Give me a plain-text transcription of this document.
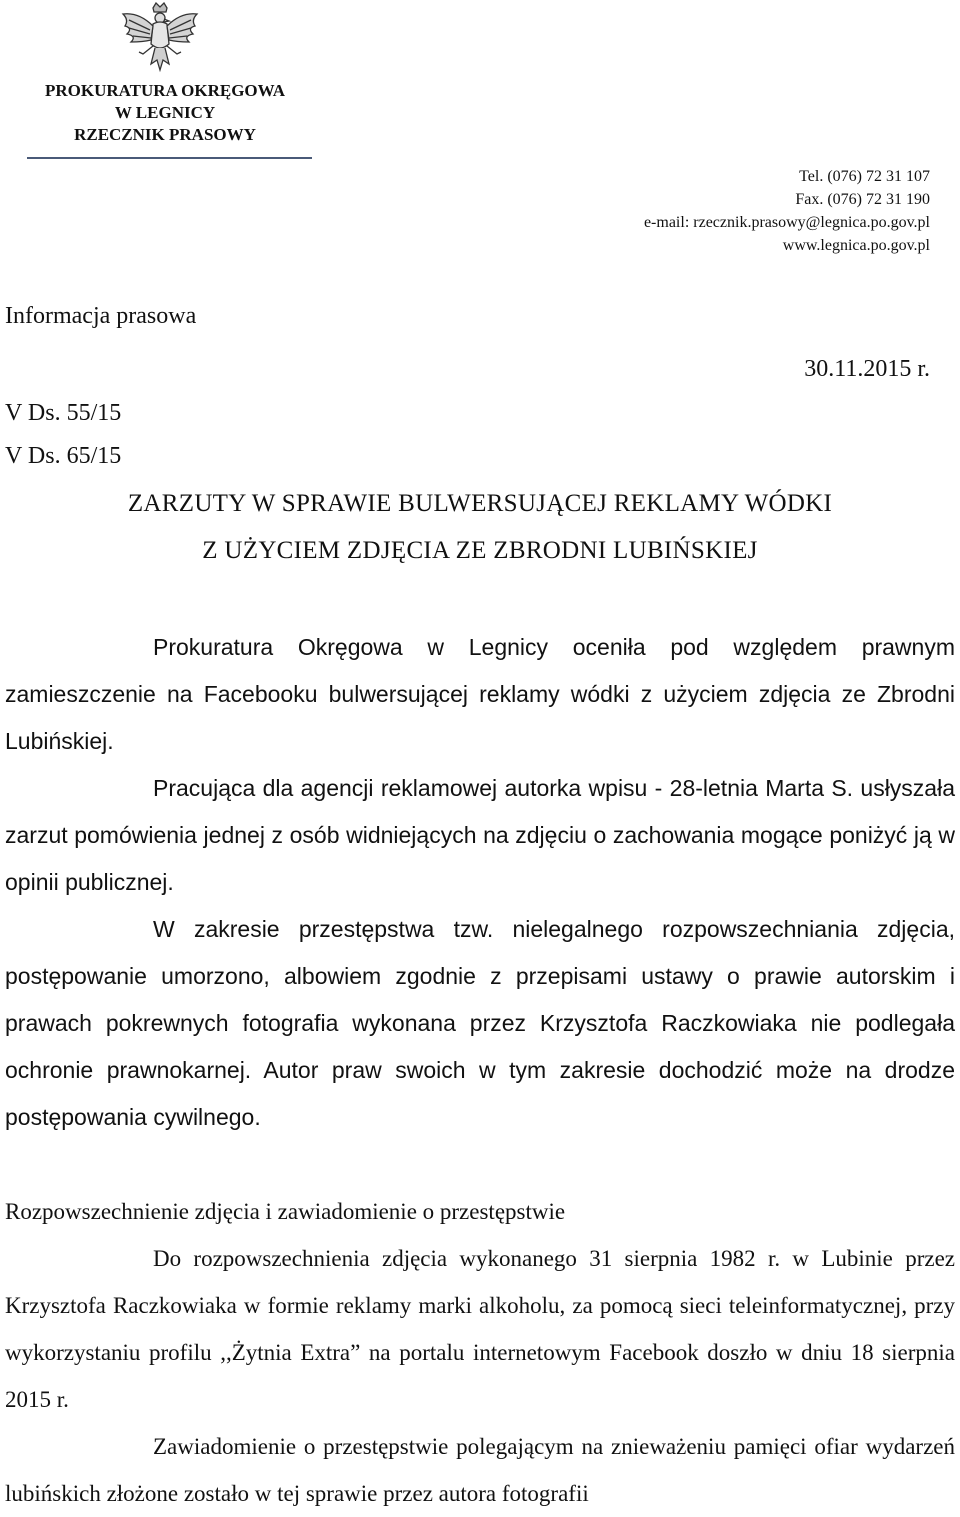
PROKURATURA OKRĘGOWA
W LEGNICY
RZECZNIK PRASOWY
Tel. (076) 72 31 107
Fax. (076) 72 31 190
e-mail: rzecznik.prasowy@legnica.po.gov.pl
www.legnica.po.gov.pl
Informacja prasowa
30.11.2015 r.
V Ds. 55/15
V Ds. 65/15
ZARZUTY W SPRAWIE BULWERSUJĄCEJ REKLAMY WÓDKI
Z UŻYCIEM ZDJĘCIA ZE ZBRODNI LUBIŃSKIEJ

Prokuratura Okręgowa w Legnicy oceniła pod względem prawnym zamieszczenie na Facebooku bulwersującej reklamy wódki z użyciem zdjęcia ze Zbrodni Lubińskiej.

Pracująca dla agencji reklamowej autorka wpisu - 28-letnia Marta S. usłyszała zarzut pomówienia jednej z osób widniejących na zdjęciu o zachowania mogące poniżyć ją w opinii publicznej.

W zakresie przestępstwa tzw. nielegalnego rozpowszechniania zdjęcia, postępowanie umorzono, albowiem zgodnie z przepisami ustawy o prawie autorskim i prawach pokrewnych fotografia wykonana przez Krzysztofa Raczkowiaka nie podlegała ochronie prawnokarnej. Autor praw swoich w tym zakresie dochodzić może na drodze postępowania cywilnego.

Rozpowszechnienie zdjęcia i zawiadomienie o przestępstwie

Do rozpowszechnienia zdjęcia wykonanego 31 sierpnia 1982 r. w Lubinie przez Krzysztofa Raczkowiaka w formie reklamy marki alkoholu, za pomocą sieci teleinformatycznej, przy wykorzystaniu profilu ,,Żytnia Extra” na portalu internetowym Facebook doszło w dniu 18 sierpnia 2015 r.

Zawiadomienie o przestępstwie polegającym na znieważeniu pamięci ofiar wydarzeń lubińskich złożone zostało w tej sprawie przez autora fotografii
